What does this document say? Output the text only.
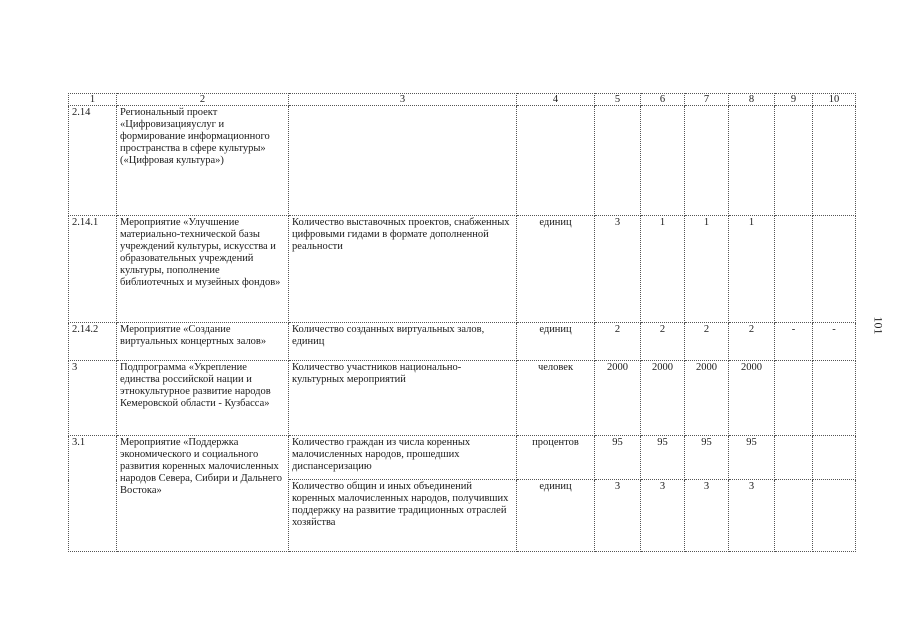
1	2	3	4	5	6	7	8	9	10
2.14	Региональный проект «Цифровизацияуслуг и формирование информационного пространства в сфере культуры» («Цифровая культура»)								
2.14.1	Мероприятие «Улучшение материально-технической базы учреждений культуры, искусства и образовательных учреждений культуры, пополнение библиотечных и музейных фондов»	Количество выставочных проектов, снабженных цифровыми гидами в формате дополненной реальности	единиц	3	1	1	1		
2.14.2	Мероприятие «Создание виртуальных концертных залов»	Количество созданных виртуальных залов, единиц	единиц	2	2	2	2	-	-
3	Подпрограмма «Укрепление единства российской нации и этнокультурное развитие народов Кемеровской области - Кузбасса»	Количество участников национально-культурных мероприятий	человек	2000	2000	2000	2000		
3.1	Мероприятие «Поддержка экономического и социального развития коренных малочисленных народов Севера, Сибири и Дальнего Востока»	Количество граждан из числа коренных малочисленных народов, прошедших диспансеризацию	процентов	95	95	95	95		
		Количество общин и иных объединений коренных малочисленных народов, получивших поддержку на развитие традиционных отраслей хозяйства	единиц	3	3	3	3		
101
